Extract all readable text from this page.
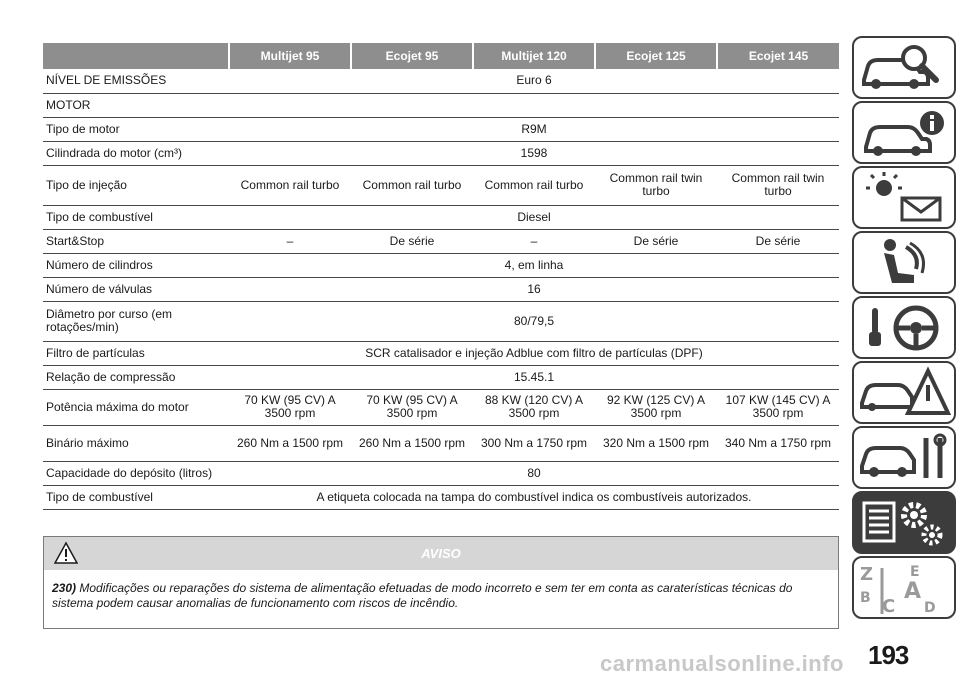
	Multijet 95	Ecojet 95	Multijet 120	Ecojet 125	Ecojet 145
NÍVEL DE EMISSÕES	Euro 6				
MOTOR					
Tipo de motor	R9M				
Cilindrada do motor (cm³)	1598				
Tipo de injeção	Common rail turbo	Common rail turbo	Common rail turbo	Common rail twin turbo	Common rail twin turbo
Tipo de combustível	Diesel				
Start&Stop	–	De série	–	De série	De série
Número de cilindros	4, em linha				
Número de válvulas	16				
Diâmetro por curso (em rotações/min)	80/79,5				
Filtro de partículas	SCR catalisador e injeção Adblue com filtro de partículas (DPF)				
Relação de compressão	15.45.1				
Potência máxima do motor	70 KW (95 CV) A 3500 rpm	70 KW (95 CV) A 3500 rpm	88 KW (120 CV) A 3500 rpm	92 KW (125 CV) A 3500 rpm	107 KW (145 CV) A 3500 rpm
Binário máximo	260 Nm a 1500 rpm	260 Nm a 1500 rpm	300 Nm a 1750 rpm	320 Nm a 1500 rpm	340 Nm a 1750 rpm
Capacidade do depósito (litros)	80				
Tipo de combustível	A etiqueta colocada na tampa do combustível indica os combustíveis autorizados.				
AVISO
230) Modificações ou reparações do sistema de alimentação efetuadas de modo incorreto e sem ter em conta as caraterísticas técnicas do sistema podem causar anomalias de funcionamento com riscos de incêndio.
Z	E
B C
A
D
193
carmanualsonline.info
